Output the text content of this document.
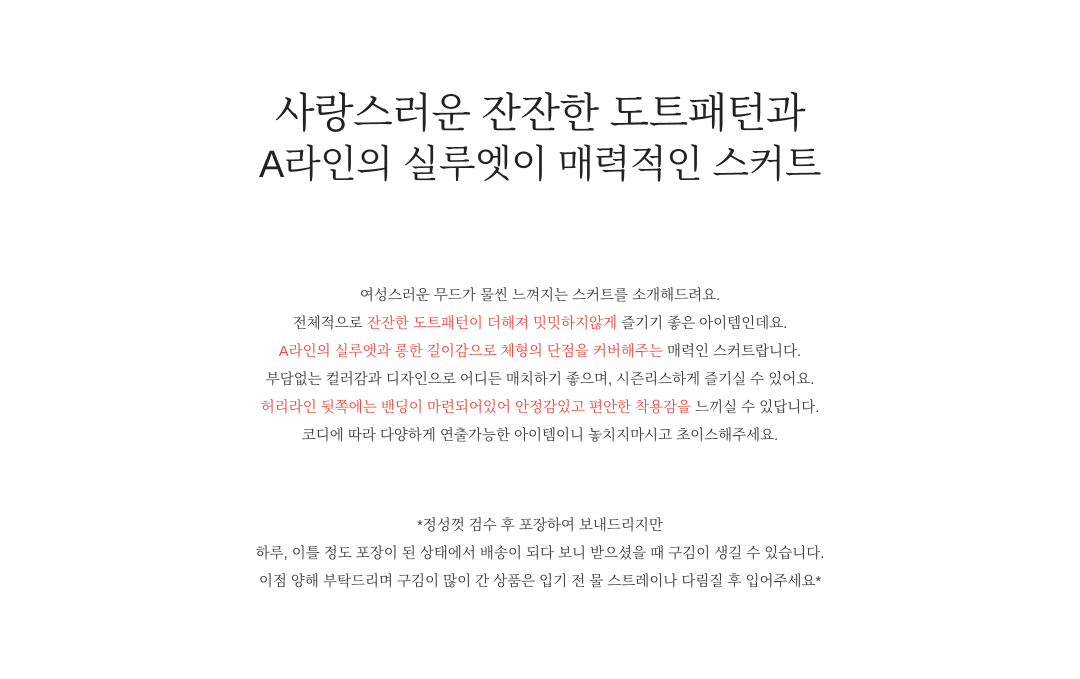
사랑스러운 잔잔한 도트패턴과
A라인의 실루엣이 매력적인 스커트
여성스러운 무드가 물씬 느껴지는 스커트를 소개해드려요.
전체적으로 잔잔한 도트패턴이 더해져 밋밋하지않게 즐기기 좋은 아이템인데요.
A라인의 실루엣과 롱한 길이감으로 체형의 단점을 커버해주는 매력인 스커트랍니다.
부담없는 컬러감과 디자인으로 어디든 매치하기 좋으며, 시즌리스하게 즐기실 수 있어요.
허리라인 뒷쪽에는 밴딩이 마련되어있어 안정감있고 편안한 착용감을 느끼실 수 있답니다.
코디에 따라 다양하게 연출가능한 아이템이니 놓치지마시고 초이스해주세요.
*정성껏 검수 후 포장하여 보내드리지만
하루, 이틀 정도 포장이 된 상태에서 배송이 되다 보니 받으셨을 때 구김이 생길 수 있습니다.
이점 양해 부탁드리며 구김이 많이 간 상품은 입기 전 물 스트레이나 다림질 후 입어주세요*
